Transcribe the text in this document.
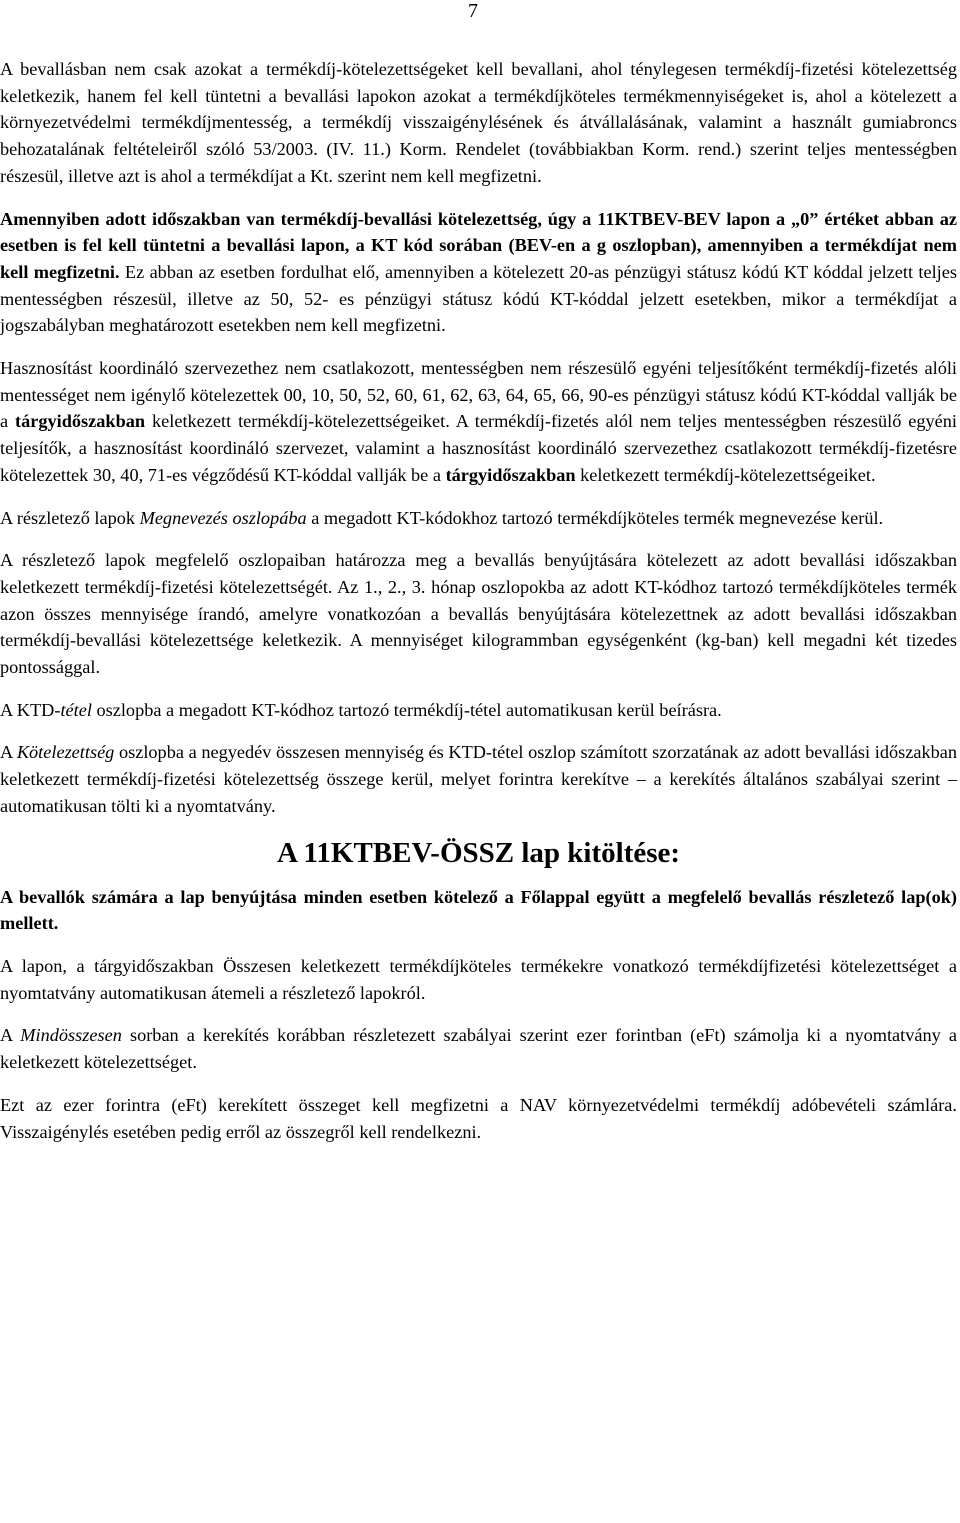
7

A bevallásban nem csak azokat a termékdíj-kötelezettségeket kell bevallani, ahol ténylegesen termékdíj-fizetési kötelezettség keletkezik, hanem fel kell tüntetni a bevallási lapokon azokat a termékdíjköteles termékmennyiségeket is, ahol a kötelezett a környezetvédelmi termékdíjmentesség, a termékdíj visszaigénylésének és átvállalásának, valamint a használt gumiabroncs behozatalának feltételeiről szóló 53/2003. (IV. 11.) Korm. Rendelet (továbbiakban Korm. rend.) szerint teljes mentességben részesül, illetve azt is ahol a termékdíjat a Kt. szerint nem kell megfizetni.

Amennyiben adott időszakban van termékdíj-bevallási kötelezettség, úgy a 11KTBEV-BEV lapon a „0” értéket abban az esetben is fel kell tüntetni a bevallási lapon, a KT kód sorában (BEV-en a g oszlopban), amennyiben a termékdíjat nem kell megfizetni. Ez abban az esetben fordulhat elő, amennyiben a kötelezett 20-as pénzügyi státusz kódú KT kóddal jelzett teljes mentességben részesül, illetve az 50, 52- es pénzügyi státusz kódú KT-kóddal jelzett esetekben, mikor a termékdíjat a jogszabályban meghatározott esetekben nem kell megfizetni.

Hasznosítást koordináló szervezethez nem csatlakozott, mentességben nem részesülő egyéni teljesítőként termékdíj-fizetés alóli mentességet nem igénylő kötelezettek 00, 10, 50, 52, 60, 61, 62, 63, 64, 65, 66, 90-es pénzügyi státusz kódú KT-kóddal vallják be a tárgyidőszakban keletkezett termékdíj-kötelezettségeiket. A termékdíj-fizetés alól nem teljes mentességben részesülő egyéni teljesítők, a hasznosítást koordináló szervezet, valamint a hasznosítást koordináló szervezethez csatlakozott termékdíj-fizetésre kötelezettek 30, 40, 71-es végződésű KT-kóddal vallják be a tárgyidőszakban keletkezett termékdíj-kötelezettségeiket.

A részletező lapok Megnevezés oszlopába a megadott KT-kódokhoz tartozó termékdíjköteles termék megnevezése kerül.

A részletező lapok megfelelő oszlopaiban határozza meg a bevallás benyújtására kötelezett az adott bevallási időszakban keletkezett termékdíj-fizetési kötelezettségét. Az 1., 2., 3. hónap oszlopokba az adott KT-kódhoz tartozó termékdíjköteles termék azon összes mennyisége írandó, amelyre vonatkozóan a bevallás benyújtására kötelezettnek az adott bevallási időszakban termékdíj-bevallási kötelezettsége keletkezik. A mennyiséget kilogrammban egységenként (kg-ban) kell megadni két tizedes pontossággal.

A KTD-tétel oszlopba a megadott KT-kódhoz tartozó termékdíj-tétel automatikusan kerül beírásra.

A Kötelezettség oszlopba a negyedév összesen mennyiség és KTD-tétel oszlop számított szorzatának az adott bevallási időszakban keletkezett termékdíj-fizetési kötelezettség összege kerül, melyet forintra kerekítve – a kerekítés általános szabályai szerint – automatikusan tölti ki a nyomtatvány.

A 11KTBEV-ÖSSZ lap kitöltése:

A bevallók számára a lap benyújtása minden esetben kötelező a Főlappal együtt a megfelelő bevallás részletező lap(ok) mellett.

A lapon, a tárgyidőszakban Összesen keletkezett termékdíjköteles termékekre vonatkozó termékdíjfizetési kötelezettséget a nyomtatvány automatikusan átemeli a részletező lapokról.

A Mindösszesen sorban a kerekítés korábban részletezett szabályai szerint ezer forintban (eFt) számolja ki a nyomtatvány a keletkezett kötelezettséget.

Ezt az ezer forintra (eFt) kerekített összeget kell megfizetni a NAV környezetvédelmi termékdíj adóbevételi számlára. Visszaigénylés esetében pedig erről az összegről kell rendelkezni.
